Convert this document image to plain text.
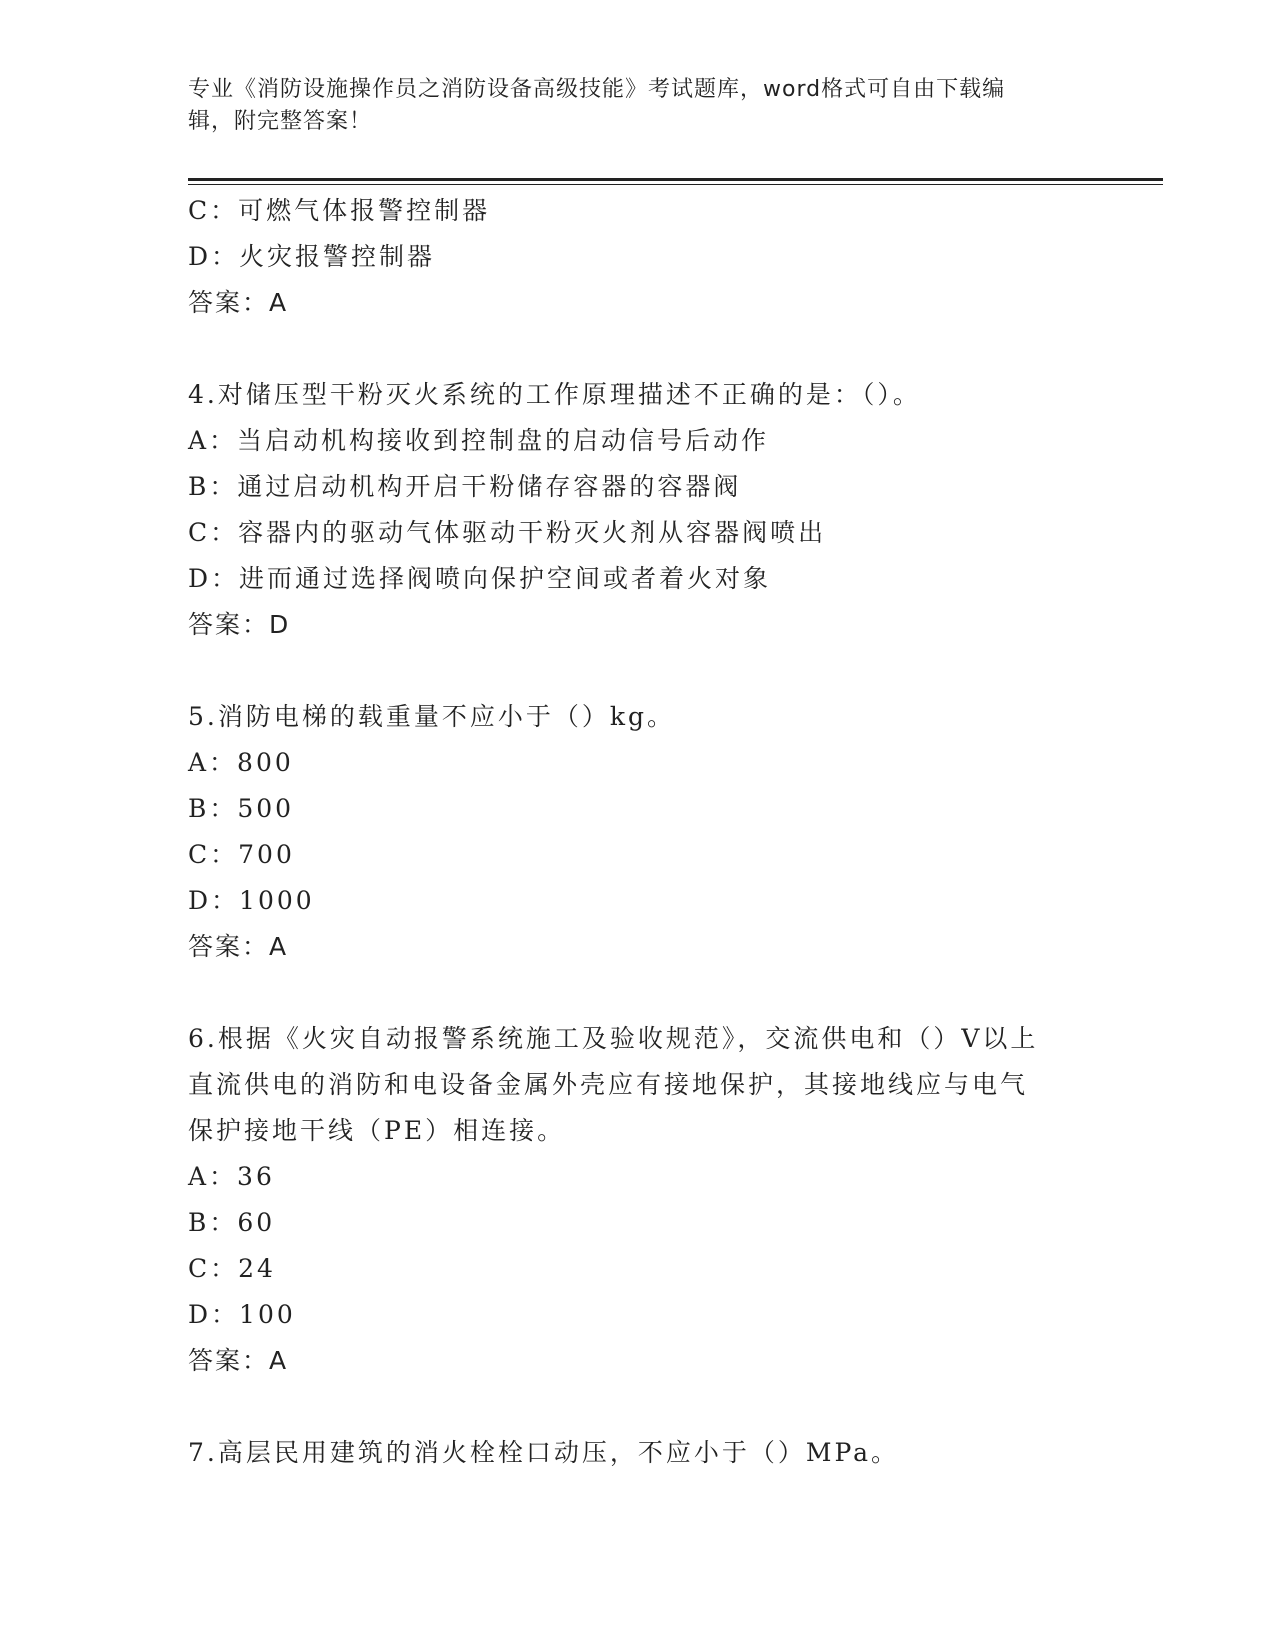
专业《消防设施操作员之消防设备高级技能》考试题库，word格式可自由下载编
辑，附完整答案！
C：可燃气体报警控制器
D：火灾报警控制器
答案：A
4.对储压型干粉灭火系统的工作原理描述不正确的是：（）。
A：当启动机构接收到控制盘的启动信号后动作
B：通过启动机构开启干粉储存容器的容器阀
C：容器内的驱动气体驱动干粉灭火剂从容器阀喷出
D：进而通过选择阀喷向保护空间或者着火对象
答案：D
5.消防电梯的载重量不应小于（）kg。
A：800
B：500
C：700
D：1000
答案：A
6.根据《火灾自动报警系统施工及验收规范》，交流供电和（）V以上
直流供电的消防和电设备金属外壳应有接地保护，其接地线应与电气
保护接地干线（PE）相连接。
A：36
B：60
C：24
D：100
答案：A
7.高层民用建筑的消火栓栓口动压，不应小于（）MPa。
